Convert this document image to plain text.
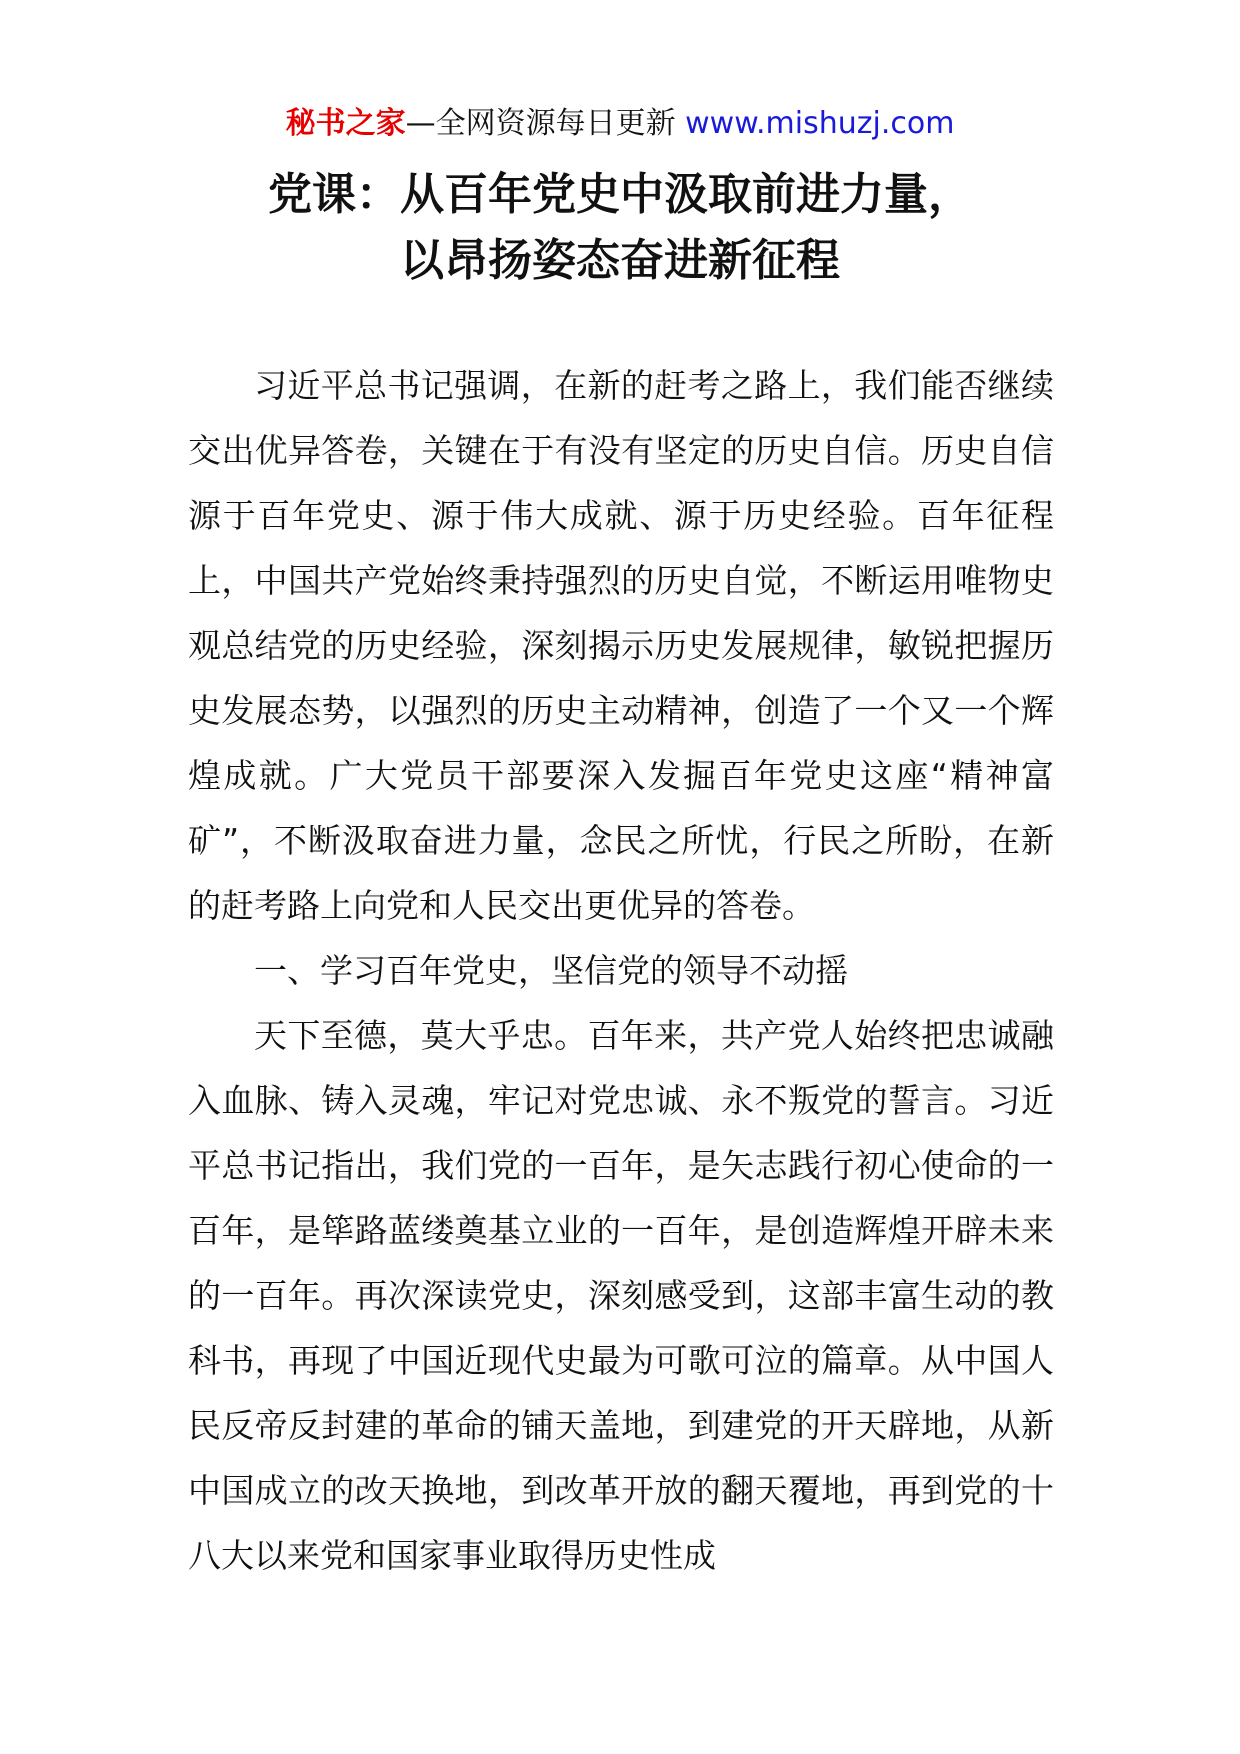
秘书之家—全网资源每日更新 www.mishuzj.com
党课：从百年党史中汲取前进力量，
以昂扬姿态奋进新征程

习近平总书记强调，在新的赶考之路上，我们能否继续交出优异答卷，关键在于有没有坚定的历史自信。历史自信源于百年党史、源于伟大成就、源于历史经验。百年征程上，中国共产党始终秉持强烈的历史自觉，不断运用唯物史观总结党的历史经验，深刻揭示历史发展规律，敏锐把握历史发展态势，以强烈的历史主动精神，创造了一个又一个辉煌成就。广大党员干部要深入发掘百年党史这座“精神富矿”，不断汲取奋进力量，念民之所忧，行民之所盼，在新的赶考路上向党和人民交出更优异的答卷。

一、学习百年党史，坚信党的领导不动摇

天下至德，莫大乎忠。百年来，共产党人始终把忠诚融入血脉、铸入灵魂，牢记对党忠诚、永不叛党的誓言。习近平总书记指出，我们党的一百年，是矢志践行初心使命的一百年，是筚路蓝缕奠基立业的一百年，是创造辉煌开辟未来的一百年。再次深读党史，深刻感受到，这部丰富生动的教科书，再现了中国近现代史最为可歌可泣的篇章。从中国人民反帝反封建的革命的铺天盖地，到建党的开天辟地，从新中国成立的改天换地，到改革开放的翻天覆地，再到党的十八大以来党和国家事业取得历史性成
